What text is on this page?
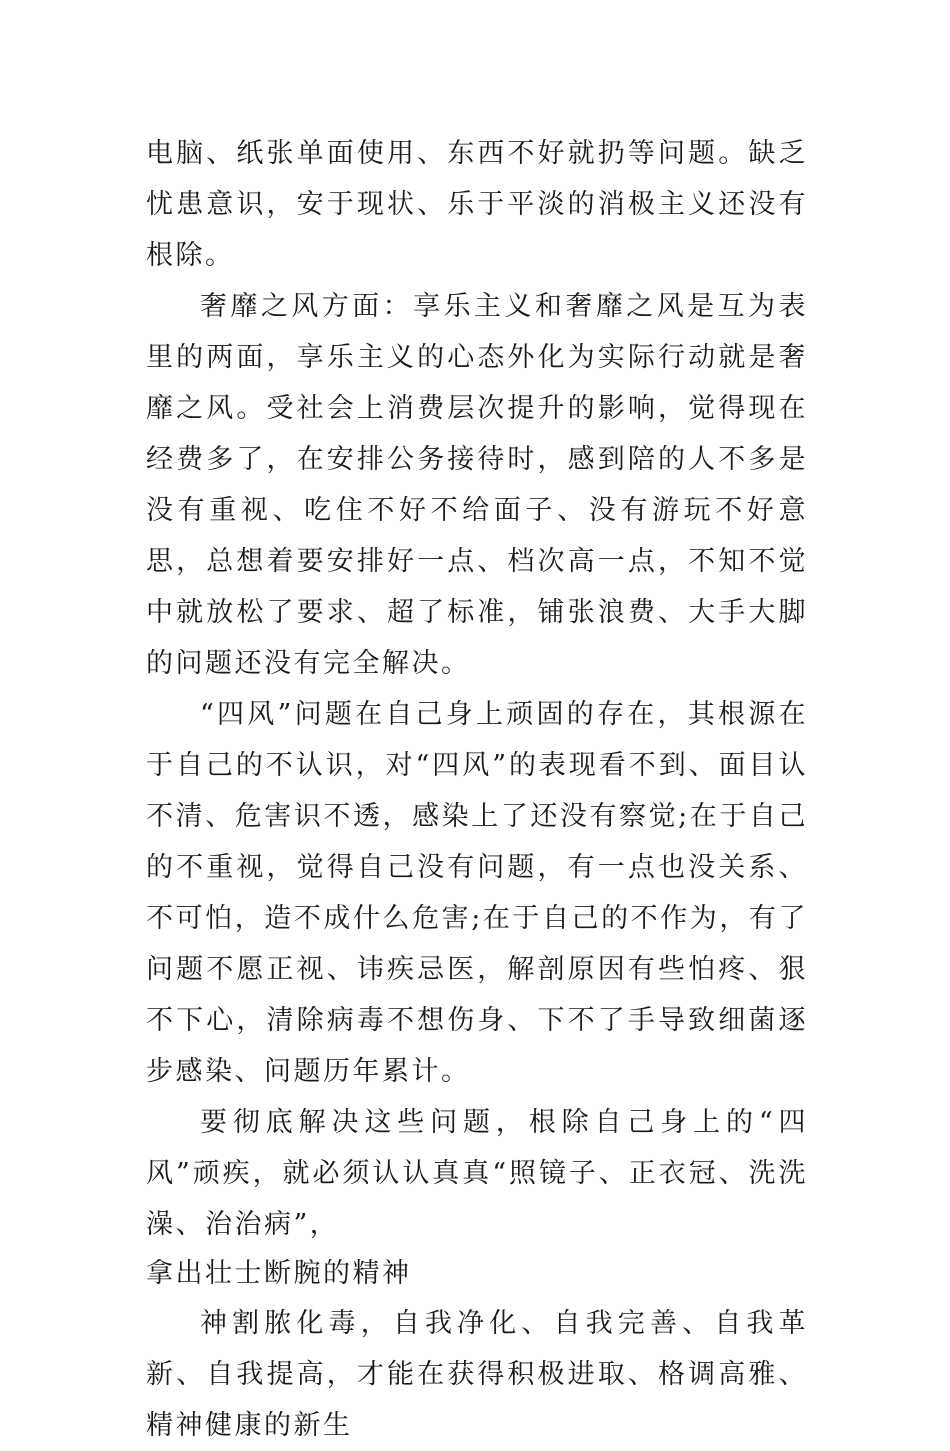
电脑、纸张单面使用、东西不好就扔等问题。缺乏忧患意识，安于现状、乐于平淡的消极主义还没有根除。

奢靡之风方面：享乐主义和奢靡之风是互为表里的两面，享乐主义的心态外化为实际行动就是奢靡之风。受社会上消费层次提升的影响，觉得现在经费多了，在安排公务接待时，感到陪的人不多是没有重视、吃住不好不给面子、没有游玩不好意思，总想着要安排好一点、档次高一点，不知不觉中就放松了要求、超了标准，铺张浪费、大手大脚的问题还没有完全解决。

“四风”问题在自己身上顽固的存在，其根源在于自己的不认识，对“四风”的表现看不到、面目认不清、危害识不透，感染上了还没有察觉;在于自己的不重视，觉得自己没有问题，有一点也没关系、不可怕，造不成什么危害;在于自己的不作为，有了问题不愿正视、讳疾忌医，解剖原因有些怕疼、狠不下心，清除病毒不想伤身、下不了手导致细菌逐步感染、问题历年累计。

要彻底解决这些问题，根除自己身上的“四风”顽疾，就必须认认真真“照镜子、正衣冠、洗洗澡、治治病”，

拿出壮士断腕的精神

神割脓化毒，自我净化、自我完善、自我革新、自我提高，才能在获得积极进取、格调高雅、精神健康的新生
